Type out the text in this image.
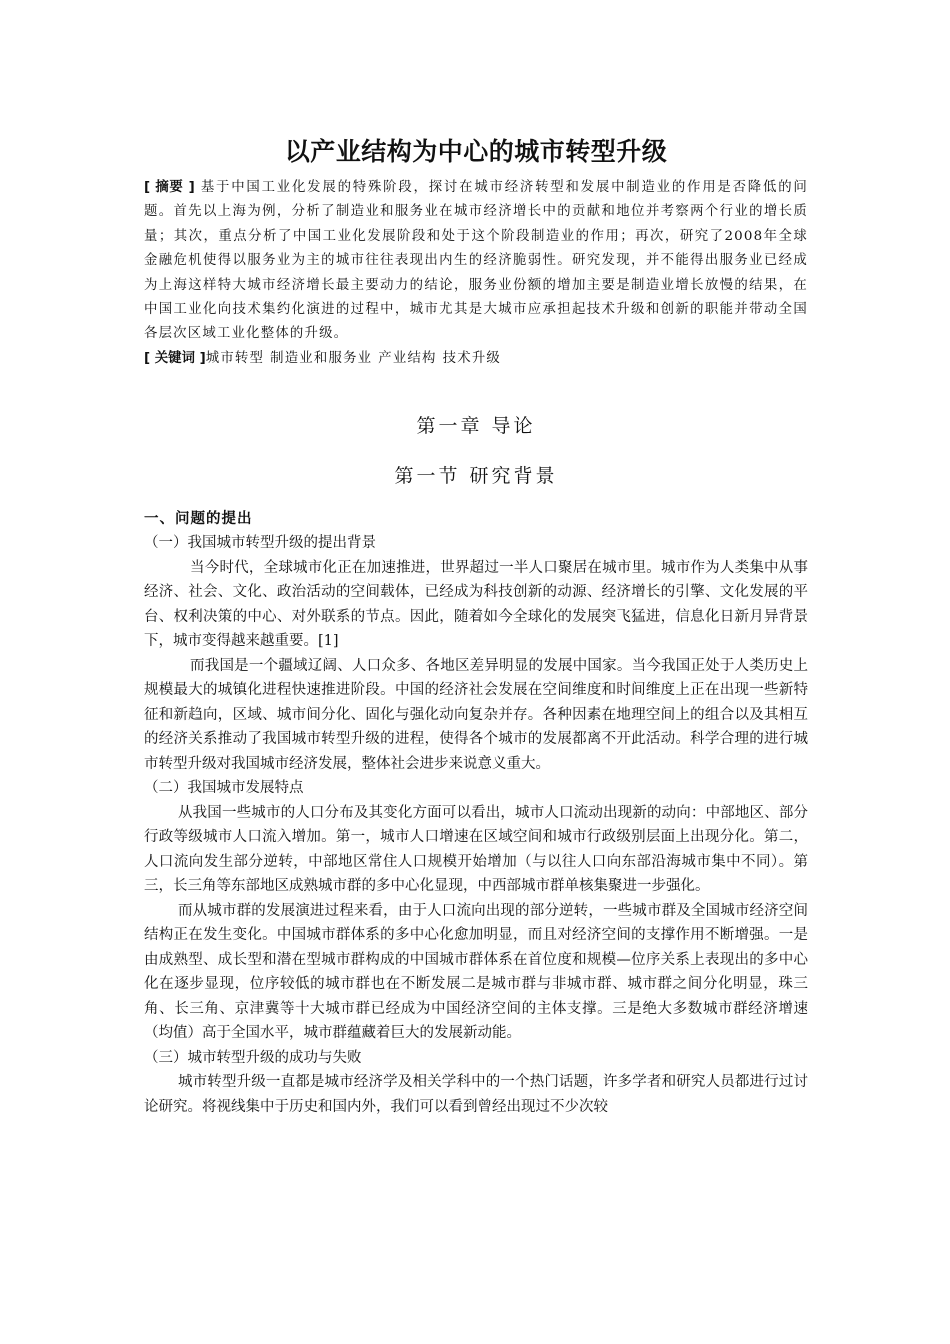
以产业结构为中心的城市转型升级

[ 摘要 ] 基于中国工业化发展的特殊阶段，探讨在城市经济转型和发展中制造业的作用是否降低的问题。首先以上海为例，分析了制造业和服务业在城市经济增长中的贡献和地位并考察两个行业的增长质量；其次，重点分析了中国工业化发展阶段和处于这个阶段制造业的作用；再次，研究了2008年全球金融危机使得以服务业为主的城市往往表现出内生的经济脆弱性。研究发现，并不能得出服务业已经成为上海这样特大城市经济增长最主要动力的结论，服务业份额的增加主要是制造业增长放慢的结果，在中国工业化向技术集约化演进的过程中，城市尤其是大城市应承担起技术升级和创新的职能并带动全国各层次区域工业化整体的升级。

[ 关键词 ]城市转型 制造业和服务业 产业结构 技术升级

第一章 导论
第一节 研究背景
一、问题的提出
（一）我国城市转型升级的提出背景

当今时代，全球城市化正在加速推进，世界超过一半人口聚居在城市里。城市作为人类集中从事经济、社会、文化、政治活动的空间载体，已经成为科技创新的动源、经济增长的引擎、文化发展的平台、权利决策的中心、对外联系的节点。因此，随着如今全球化的发展突飞猛进，信息化日新月异背景下，城市变得越来越重要。[1]

而我国是一个疆域辽阔、人口众多、各地区差异明显的发展中国家。当今我国正处于人类历史上规模最大的城镇化进程快速推进阶段。中国的经济社会发展在空间维度和时间维度上正在出现一些新特征和新趋向，区域、城市间分化、固化与强化动向复杂并存。各种因素在地理空间上的组合以及其相互的经济关系推动了我国城市转型升级的进程，使得各个城市的发展都离不开此活动。科学合理的进行城市转型升级对我国城市经济发展，整体社会进步来说意义重大。

（二）我国城市发展特点

从我国一些城市的人口分布及其变化方面可以看出，城市人口流动出现新的动向：中部地区、部分行政等级城市人口流入增加。第一，城市人口增速在区域空间和城市行政级别层面上出现分化。第二，人口流向发生部分逆转，中部地区常住人口规模开始增加（与以往人口向东部沿海城市集中不同）。第三，长三角等东部地区成熟城市群的多中心化显现，中西部城市群单核集聚进一步强化。

而从城市群的发展演进过程来看，由于人口流向出现的部分逆转，一些城市群及全国城市经济空间结构正在发生变化。中国城市群体系的多中心化愈加明显，而且对经济空间的支撑作用不断增强。一是由成熟型、成长型和潜在型城市群构成的中国城市群体系在首位度和规模—位序关系上表现出的多中心化在逐步显现，位序较低的城市群也在不断发展二是城市群与非城市群、城市群之间分化明显，珠三角、长三角、京津冀等十大城市群已经成为中国经济空间的主体支撑。三是绝大多数城市群经济增速（均值）高于全国水平，城市群蕴藏着巨大的发展新动能。

（三）城市转型升级的成功与失败

城市转型升级一直都是城市经济学及相关学科中的一个热门话题，许多学者和研究人员都进行过讨论研究。将视线集中于历史和国内外，我们可以看到曾经出现过不少次较
